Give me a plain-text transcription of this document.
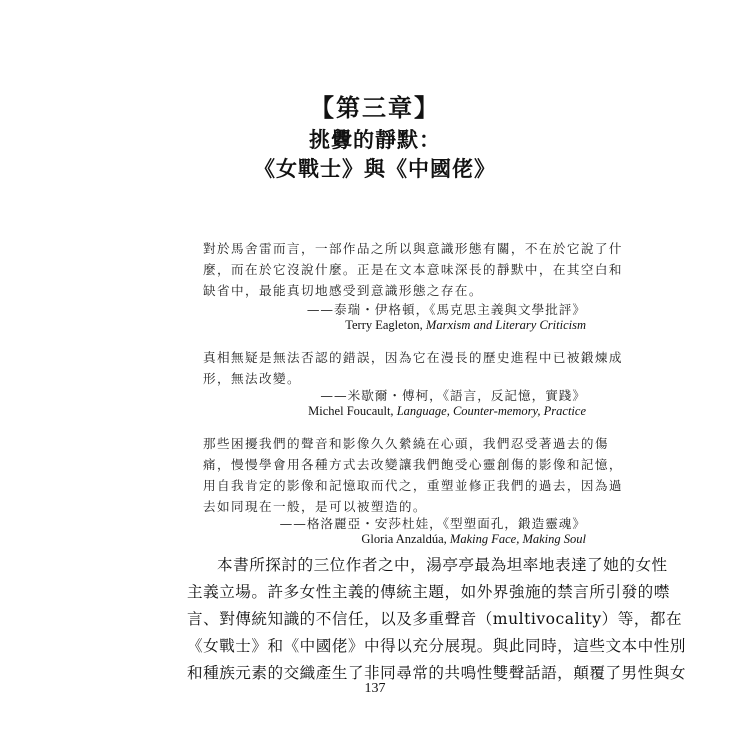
【第三章】
挑釁的靜默：
《女戰士》與《中國佬》
對於馬舍雷而言，一部作品之所以與意識形態有關，不在於它說了什
麼，而在於它沒說什麼。正是在文本意味深長的靜默中，在其空白和
缺省中，最能真切地感受到意識形態之存在。
——泰瑞・伊格頓，《馬克思主義與文學批評》
Terry Eagleton, Marxism and Literary Criticism
真相無疑是無法否認的錯誤，因為它在漫長的歷史進程中已被鍛煉成
形，無法改變。
——米歇爾・傅柯，《語言，反記憶，實踐》
Michel Foucault, Language, Counter-memory, Practice
那些困擾我們的聲音和影像久久縈繞在心頭，我們忍受著過去的傷
痛，慢慢學會用各種方式去改變讓我們飽受心靈創傷的影像和記憶，
用自我肯定的影像和記憶取而代之，重塑並修正我們的過去，因為過
去如同現在一般，是可以被塑造的。
——格洛麗亞・安莎杜娃，《型塑面孔，鍛造靈魂》
Gloria Anzaldúa, Making Face, Making Soul
本書所探討的三位作者之中，湯亭亭最為坦率地表達了她的女性
主義立場。許多女性主義的傳統主題，如外界強施的禁言所引發的噤
言、對傳統知識的不信任，以及多重聲音（multivocality）等，都在
《女戰士》和《中國佬》中得以充分展現。與此同時，這些文本中性別
和種族元素的交織產生了非同尋常的共鳴性雙聲話語，顛覆了男性與女
137
